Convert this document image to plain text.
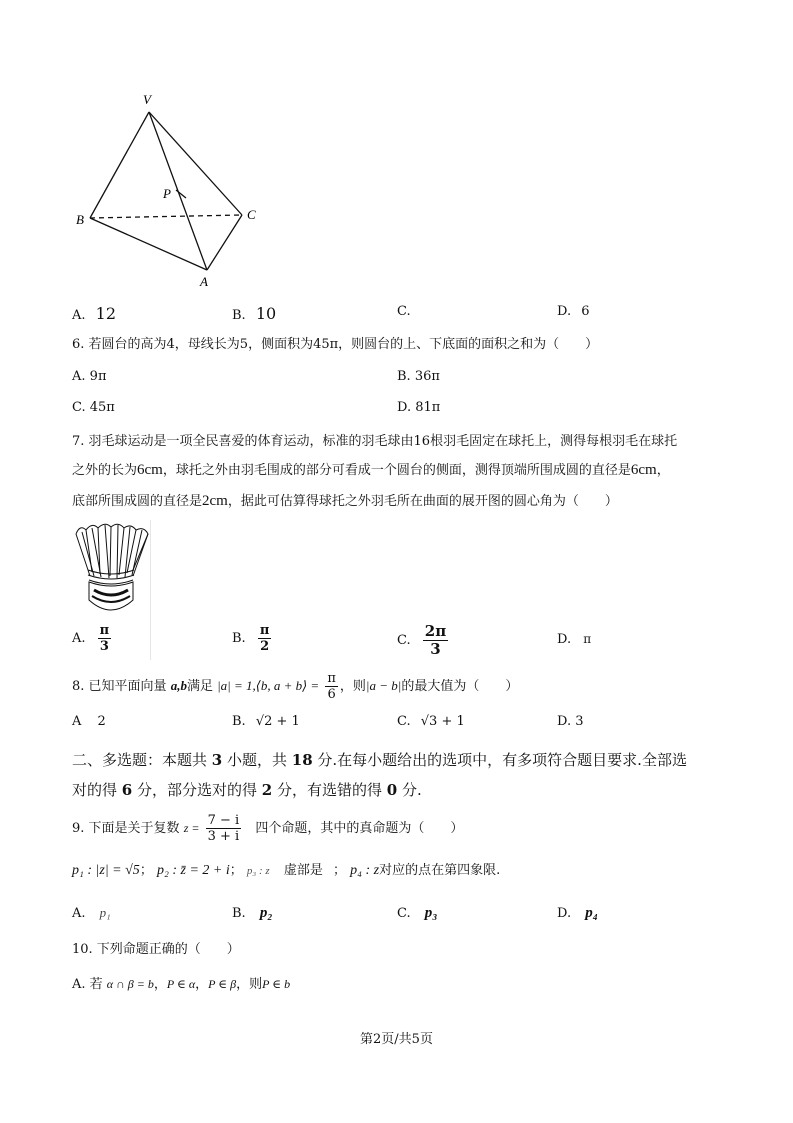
V
P
B	C
A
A. 12	B. 10	C.	D. 6
6. 若圆台的高为4，母线长为5，侧面积为45π，则圆台的上、下底面的面积之和为（　　）
A. 9π	B. 36π
C. 45π	D. 81π
7. 羽毛球运动是一项全民喜爱的体育运动，标准的羽毛球由16根羽毛固定在球托上，测得每根羽毛在球托
之外的长为6cm，球托之外由羽毛围成的部分可看成一个圆台的侧面，测得顶端所围成圆的直径是6cm，
底部所围成圆的直径是2cm，据此可估算得球托之外羽毛所在曲面的展开图的圆心角为（　　）
A. $\frac{\pi}{3}$	B. $\frac{\pi}{2}$	C. $\frac{2\pi}{3}$	D. π
8. 已知平面向量 a,b满足 |a| = 1,⟨b, a + b⟩ = $\frac{\pi}{6}$ ，则|a − b|的最大值为（　　）
A 2	B. √2 + 1	C. √3 + 1	D. 3
二、多选题：本题共 3 小题，共 18 分.在每小题给出的选项中，有多项符合题目要求.全部选
对的得 6 分，部分选对的得 2 分，有选错的得 0 分.
9. 下面是关于复数 $z = \frac{7 - i}{3 + i}$ 四个命题，其中的真命题为（　　）
p₁ : |z| = √5； p₂ : z̄ = 2 + i； p₃ : z 虚部是 ； p₄ : z对应的点在第四象限.
A. p₁	B. p₂	C. p₃	D. p₄
10. 下列命题正确的（　　）
A. 若 α ∩ β = b，P ∈ α，P ∈ β，则P ∈ b
第2页/共5页
